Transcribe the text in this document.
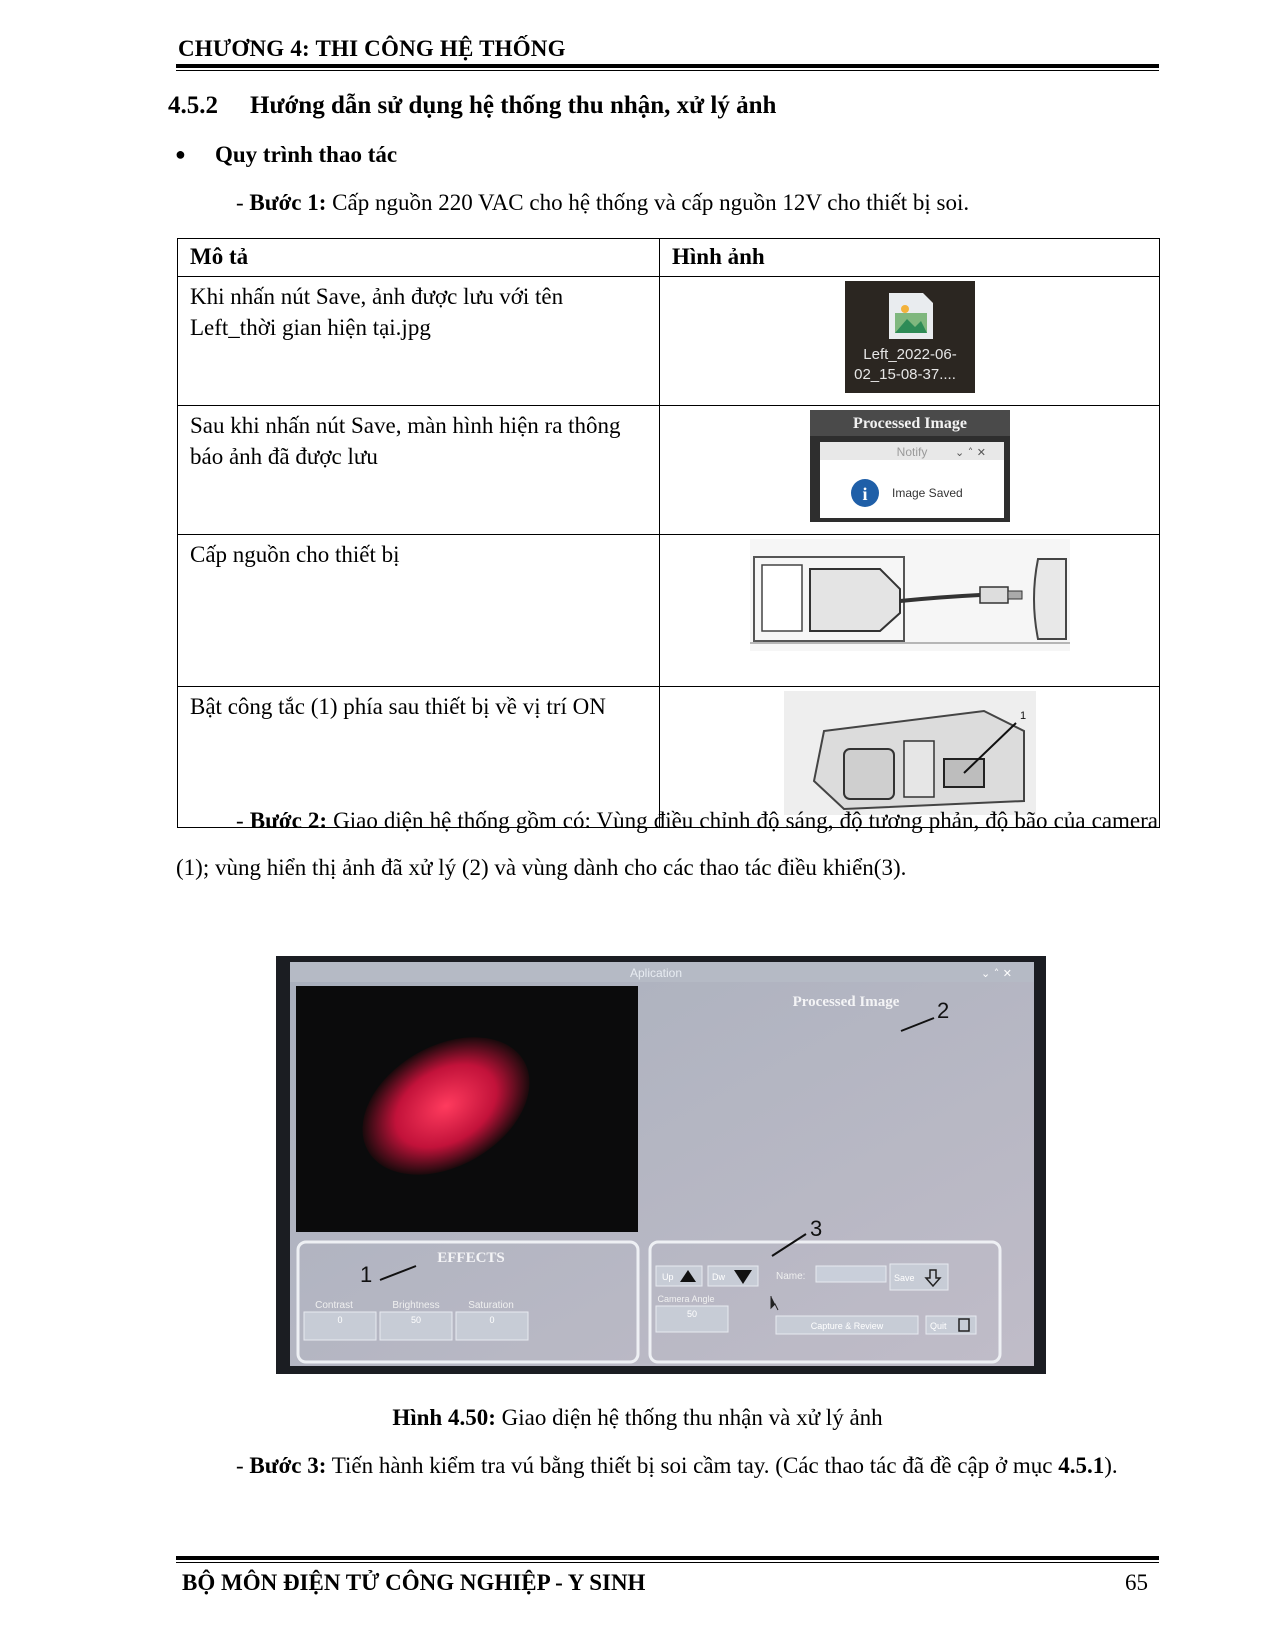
CHƯƠNG 4: THI CÔNG HỆ THỐNG
4.5.2 Hướng dẫn sử dụng hệ thống thu nhận, xử lý ảnh
● Quy trình thao tác
- Bước 1: Cấp nguồn 220 VAC cho hệ thống và cấp nguồn 12V cho thiết bị soi.
Mô tả	Hình ảnh
Khi nhấn nút Save, ảnh được lưu với tên Left_thời gian hiện tại.jpg	Left_2022-06-
02_15-08-37....

Sau khi nhấn nút Save, màn hình hiện ra thông báo ảnh đã được lưu	Processed Image
Notify ⌄ ˄ ✕
i Image Saved

Cấp nguồn cho thiết bị	
Bật công tắc (1) phía sau thiết bị về vị trí ON	1
- Bước 2: Giao diện hệ thống gồm có: Vùng điều chỉnh độ sáng, độ tương phản, độ bão của camera (1); vùng hiển thị ảnh đã xử lý (2) và vùng dành cho các thao tác điều khiển(3).
Aplication	⌄ ˄ ✕
Processed Image 2
EFFECTS
1
Contrast
0
Brightness
50
Saturation
0
3
Up	Dw	Name:	Save
Camera Angle
50
Capture & Review	Quit
Hình 4.50: Giao diện hệ thống thu nhận và xử lý ảnh
- Bước 3: Tiến hành kiểm tra vú bằng thiết bị soi cầm tay. (Các thao tác đã đề cập ở mục 4.5.1).
BỘ MÔN ĐIỆN TỬ CÔNG NGHIỆP - Y SINH	65
